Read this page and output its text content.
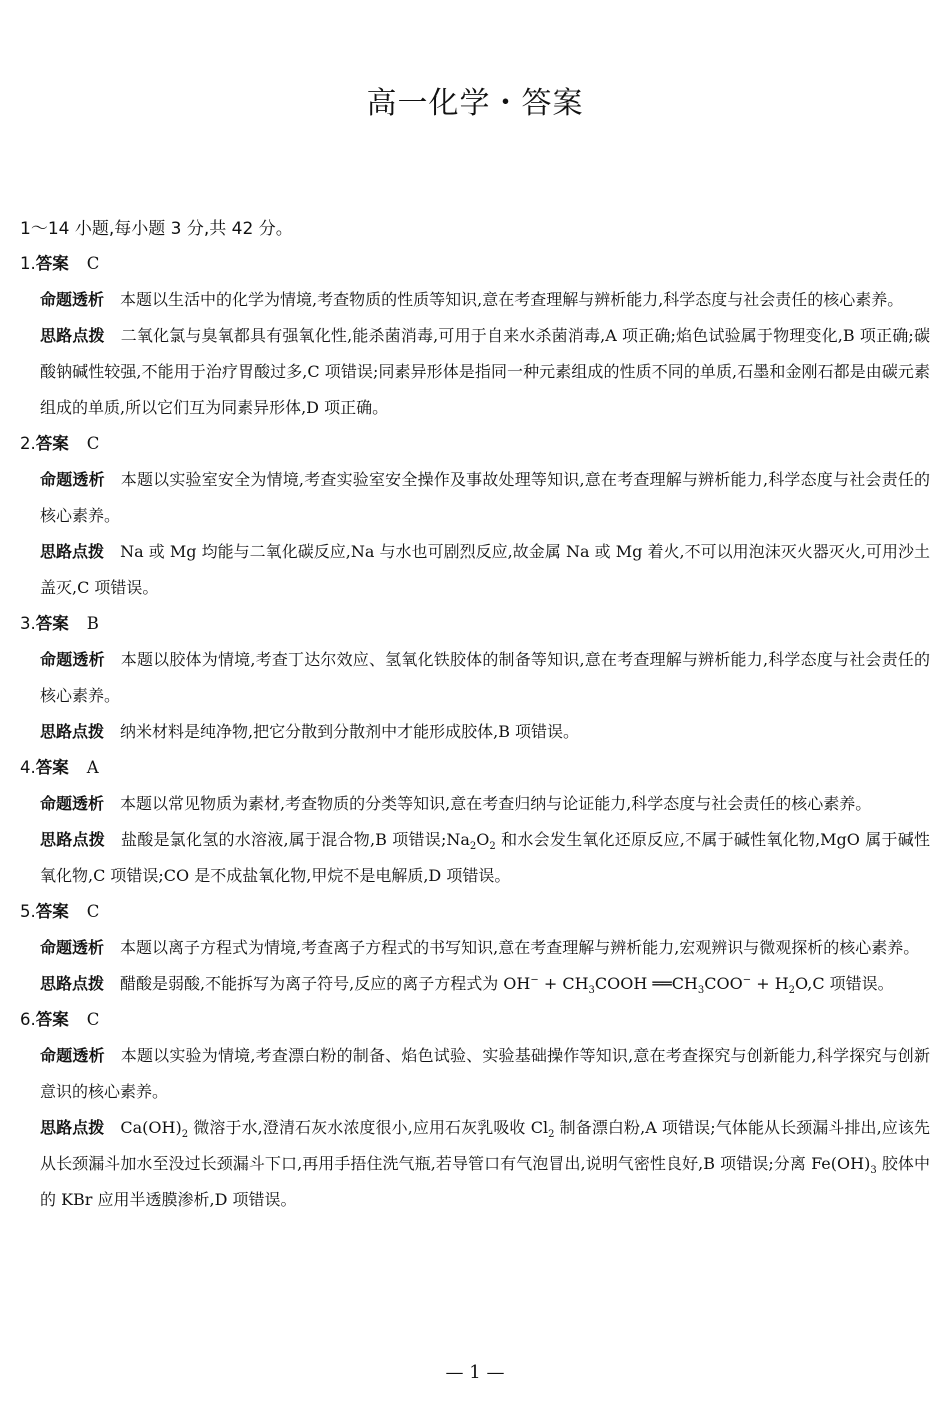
高一化学・答案
1～14 小题,每小题 3 分,共 42 分。
1.答案 C
命题透析 本题以生活中的化学为情境,考查物质的性质等知识,意在考查理解与辨析能力,科学态度与社会责任的核心素养。
思路点拨 二氧化氯与臭氧都具有强氧化性,能杀菌消毒,可用于自来水杀菌消毒,A 项正确;焰色试验属于物理变化,B 项正确;碳酸钠碱性较强,不能用于治疗胃酸过多,C 项错误;同素异形体是指同一种元素组成的性质不同的单质,石墨和金刚石都是由碳元素组成的单质,所以它们互为同素异形体,D 项正确。
2.答案 C
命题透析 本题以实验室安全为情境,考查实验室安全操作及事故处理等知识,意在考查理解与辨析能力,科学态度与社会责任的核心素养。
思路点拨 Na 或 Mg 均能与二氧化碳反应,Na 与水也可剧烈反应,故金属 Na 或 Mg 着火,不可以用泡沫灭火器灭火,可用沙土盖灭,C 项错误。
3.答案 B
命题透析 本题以胶体为情境,考查丁达尔效应、氢氧化铁胶体的制备等知识,意在考查理解与辨析能力,科学态度与社会责任的核心素养。
思路点拨 纳米材料是纯净物,把它分散到分散剂中才能形成胶体,B 项错误。
4.答案 A
命题透析 本题以常见物质为素材,考查物质的分类等知识,意在考查归纳与论证能力,科学态度与社会责任的核心素养。
思路点拨 盐酸是氯化氢的水溶液,属于混合物,B 项错误$;Na_2O_2$ 和水会发生氧化还原反应,不属于碱性氧化物,MgO 属于碱性氧化物,C 项错误;CO 是不成盐氧化物,甲烷不是电解质,D 项错误。
5.答案 C
命题透析 本题以离子方程式为情境,考查离子方程式的书写知识,意在考查理解与辨析能力,宏观辨识与微观探析的核心素养。
思路点拨 醋酸是弱酸,不能拆写为离子符号,反应的离子方程式为 $OH^- + CH_3COOH$ $══CH_3COO^- + H_2O,C$ 项错误。
6.答案 C
命题透析 本题以实验为情境,考查漂白粉的制备、焰色试验、实验基础操作等知识,意在考查探究与创新能力,科学探究与创新意识的核心素养。
思路点拨 $Ca(OH)_2$ 微溶于水,澄清石灰水浓度很小,应用石灰乳吸收 $Cl_2$ 制备漂白粉,A 项错误;气体能从长颈漏斗排出,应该先从长颈漏斗加水至没过长颈漏斗下口,再用手捂住洗气瓶,若导管口有气泡冒出,说明气密性良好,B 项错误;分离 $Fe(OH)_3$ 胶体中的 KBr 应用半透膜渗析,D 项错误。
— 1 —
